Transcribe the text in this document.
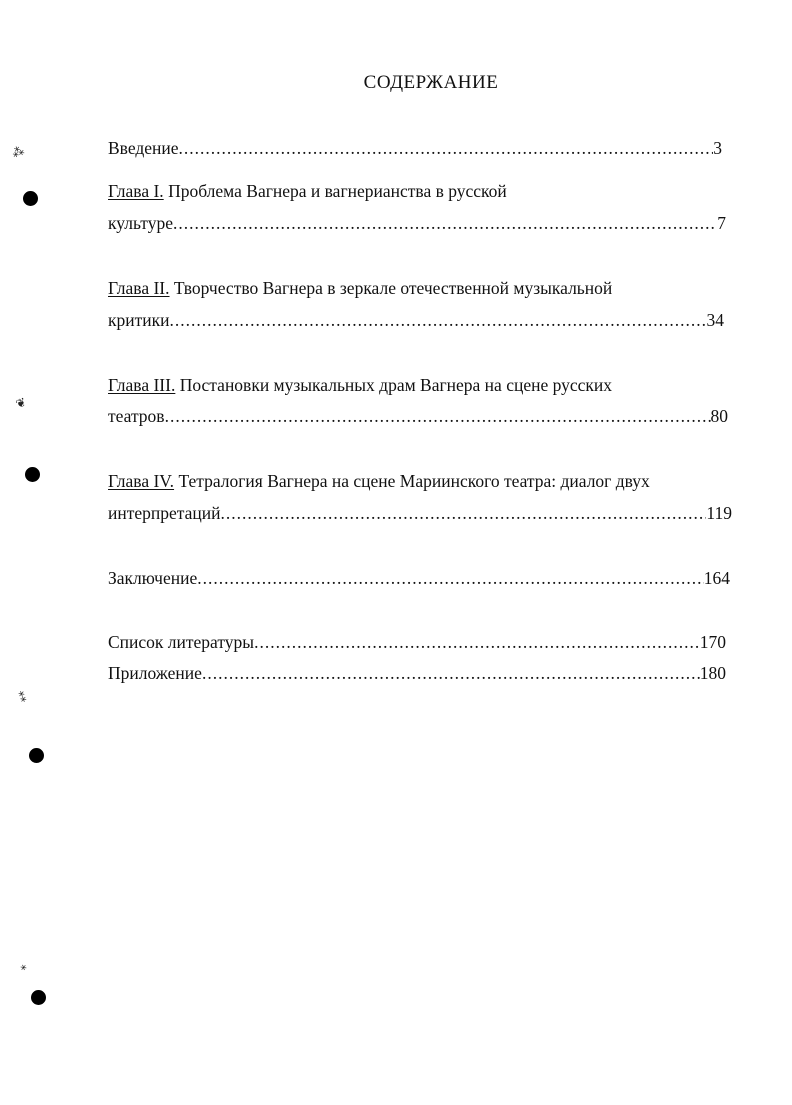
СОДЕРЖАНИЕ
Введение .....	3
Глава I. Проблема Вагнера и вагнерианства в русской
культуре .....	7
Глава II. Творчество Вагнера в зеркале отечественной музыкальной
критики .....	34
Глава III. Постановки музыкальных драм Вагнера на сцене русских
театров .....	80
Глава IV. Тетралогия Вагнера на сцене Мариинского театра: диалог двух
интерпретаций .....	119
Заключение .....	164
Список литературы .....	170
Приложение .....	180
⁂
❦
⁑
⁎
